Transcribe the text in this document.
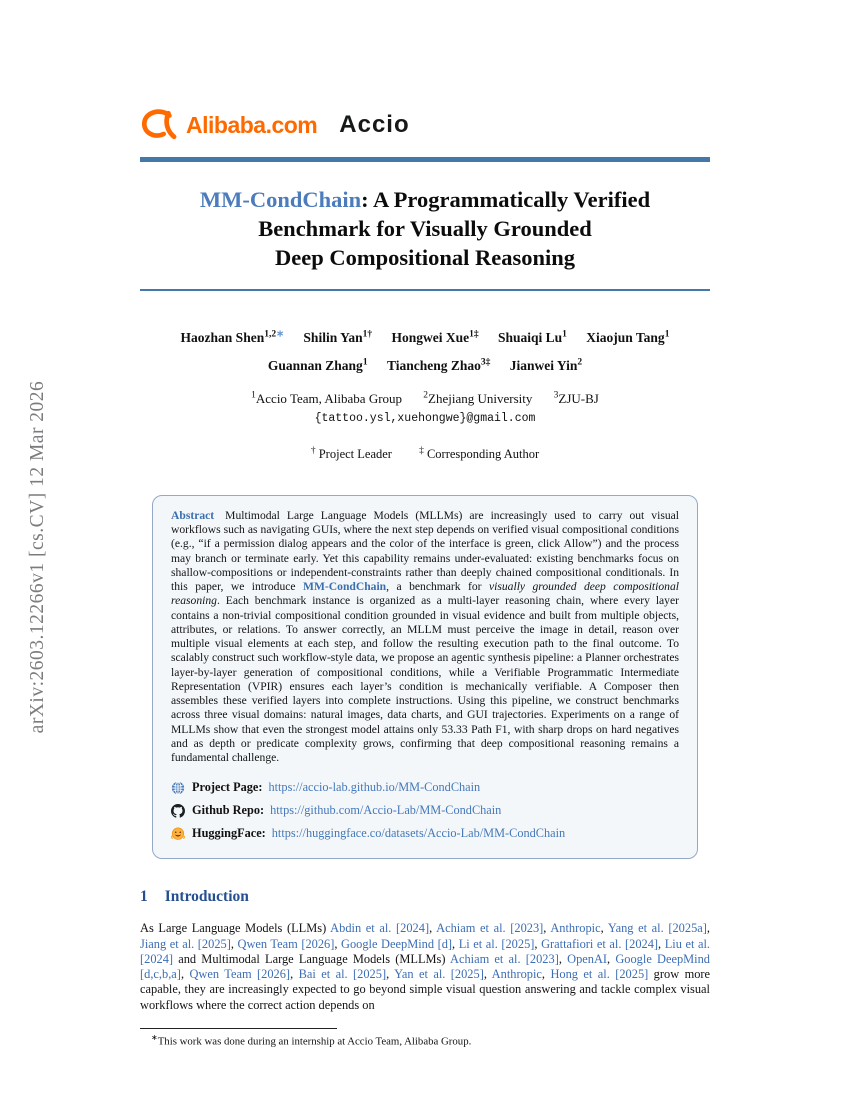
arXiv:2603.12266v1 [cs.CV] 12 Mar 2026
Alibaba.com Accio
MM-CondChain: A Programmatically Verified
Benchmark for Visually Grounded
Deep Compositional Reasoning
Haozhan Shen$^{1,2∗}$ Shilin Yan$^{1\dagger}$ Hongwei Xue$^{1\ddagger}$ Shuaiqi Lu$^1$ Xiaojun Tang$^1$
Guannan Zhang$^1$ Tiancheng Zhao$^{3\ddagger}$ Jianwei Yin$^2$
$^1$Accio Team, Alibaba Group $^2$Zhejiang University $^3$ZJU-BJ
{tattoo.ysl,xuehongwe}@gmail.com
† Project Leader	‡ Corresponding Author

Abstract Multimodal Large Language Models (MLLMs) are increasingly used to carry out visual workflows such as navigating GUIs, where the next step depends on verified visual compositional conditions (e.g., “if a permission dialog appears and the color of the interface is green, click Allow”) and the process may branch or terminate early. Yet this capability remains under-evaluated: existing benchmarks focus on shallow-compositions or independent-constraints rather than deeply chained compositional conditionals. In this paper, we introduce MM-CondChain, a benchmark for visually grounded deep compositional reasoning. Each benchmark instance is organized as a multi-layer reasoning chain, where every layer contains a non-trivial compositional condition grounded in visual evidence and built from multiple objects, attributes, or relations. To answer correctly, an MLLM must perceive the image in detail, reason over multiple visual elements at each step, and follow the resulting execution path to the final outcome. To scalably construct such workflow-style data, we propose an agentic synthesis pipeline: a Planner orchestrates layer-by-layer generation of compositional conditions, while a Verifiable Programmatic Intermediate Representation (VPIR) ensures each layer’s condition is mechanically verifiable. A Composer then assembles these verified layers into complete instructions. Using this pipeline, we construct benchmarks across three visual domains: natural images, data charts, and GUI trajectories. Experiments on a range of MLLMs show that even the strongest model attains only 53.33 Path F1, with sharp drops on hard negatives and as depth or predicate complexity grows, confirming that deep compositional reasoning remains a fundamental challenge.

Project Page: https://accio-lab.github.io/MM-CondChain
Github Repo: https://github.com/Accio-Lab/MM-CondChain
HuggingFace: https://huggingface.co/datasets/Accio-Lab/MM-CondChain
1 Introduction

As Large Language Models (LLMs) Abdin et al. [2024], Achiam et al. [2023], Anthropic, Yang et al. [2025a], Jiang et al. [2025], Qwen Team [2026], Google DeepMind [d], Li et al. [2025], Grattafiori et al. [2024], Liu et al. [2024] and Multimodal Large Language Models (MLLMs) Achiam et al. [2023], OpenAI, Google DeepMind [d,c,b,a], Qwen Team [2026], Bai et al. [2025], Yan et al. [2025], Anthropic, Hong et al. [2025] grow more capable, they are increasingly expected to go beyond simple visual question answering and tackle complex visual workflows where the correct action depends on

∗This work was done during an internship at Accio Team, Alibaba Group.
